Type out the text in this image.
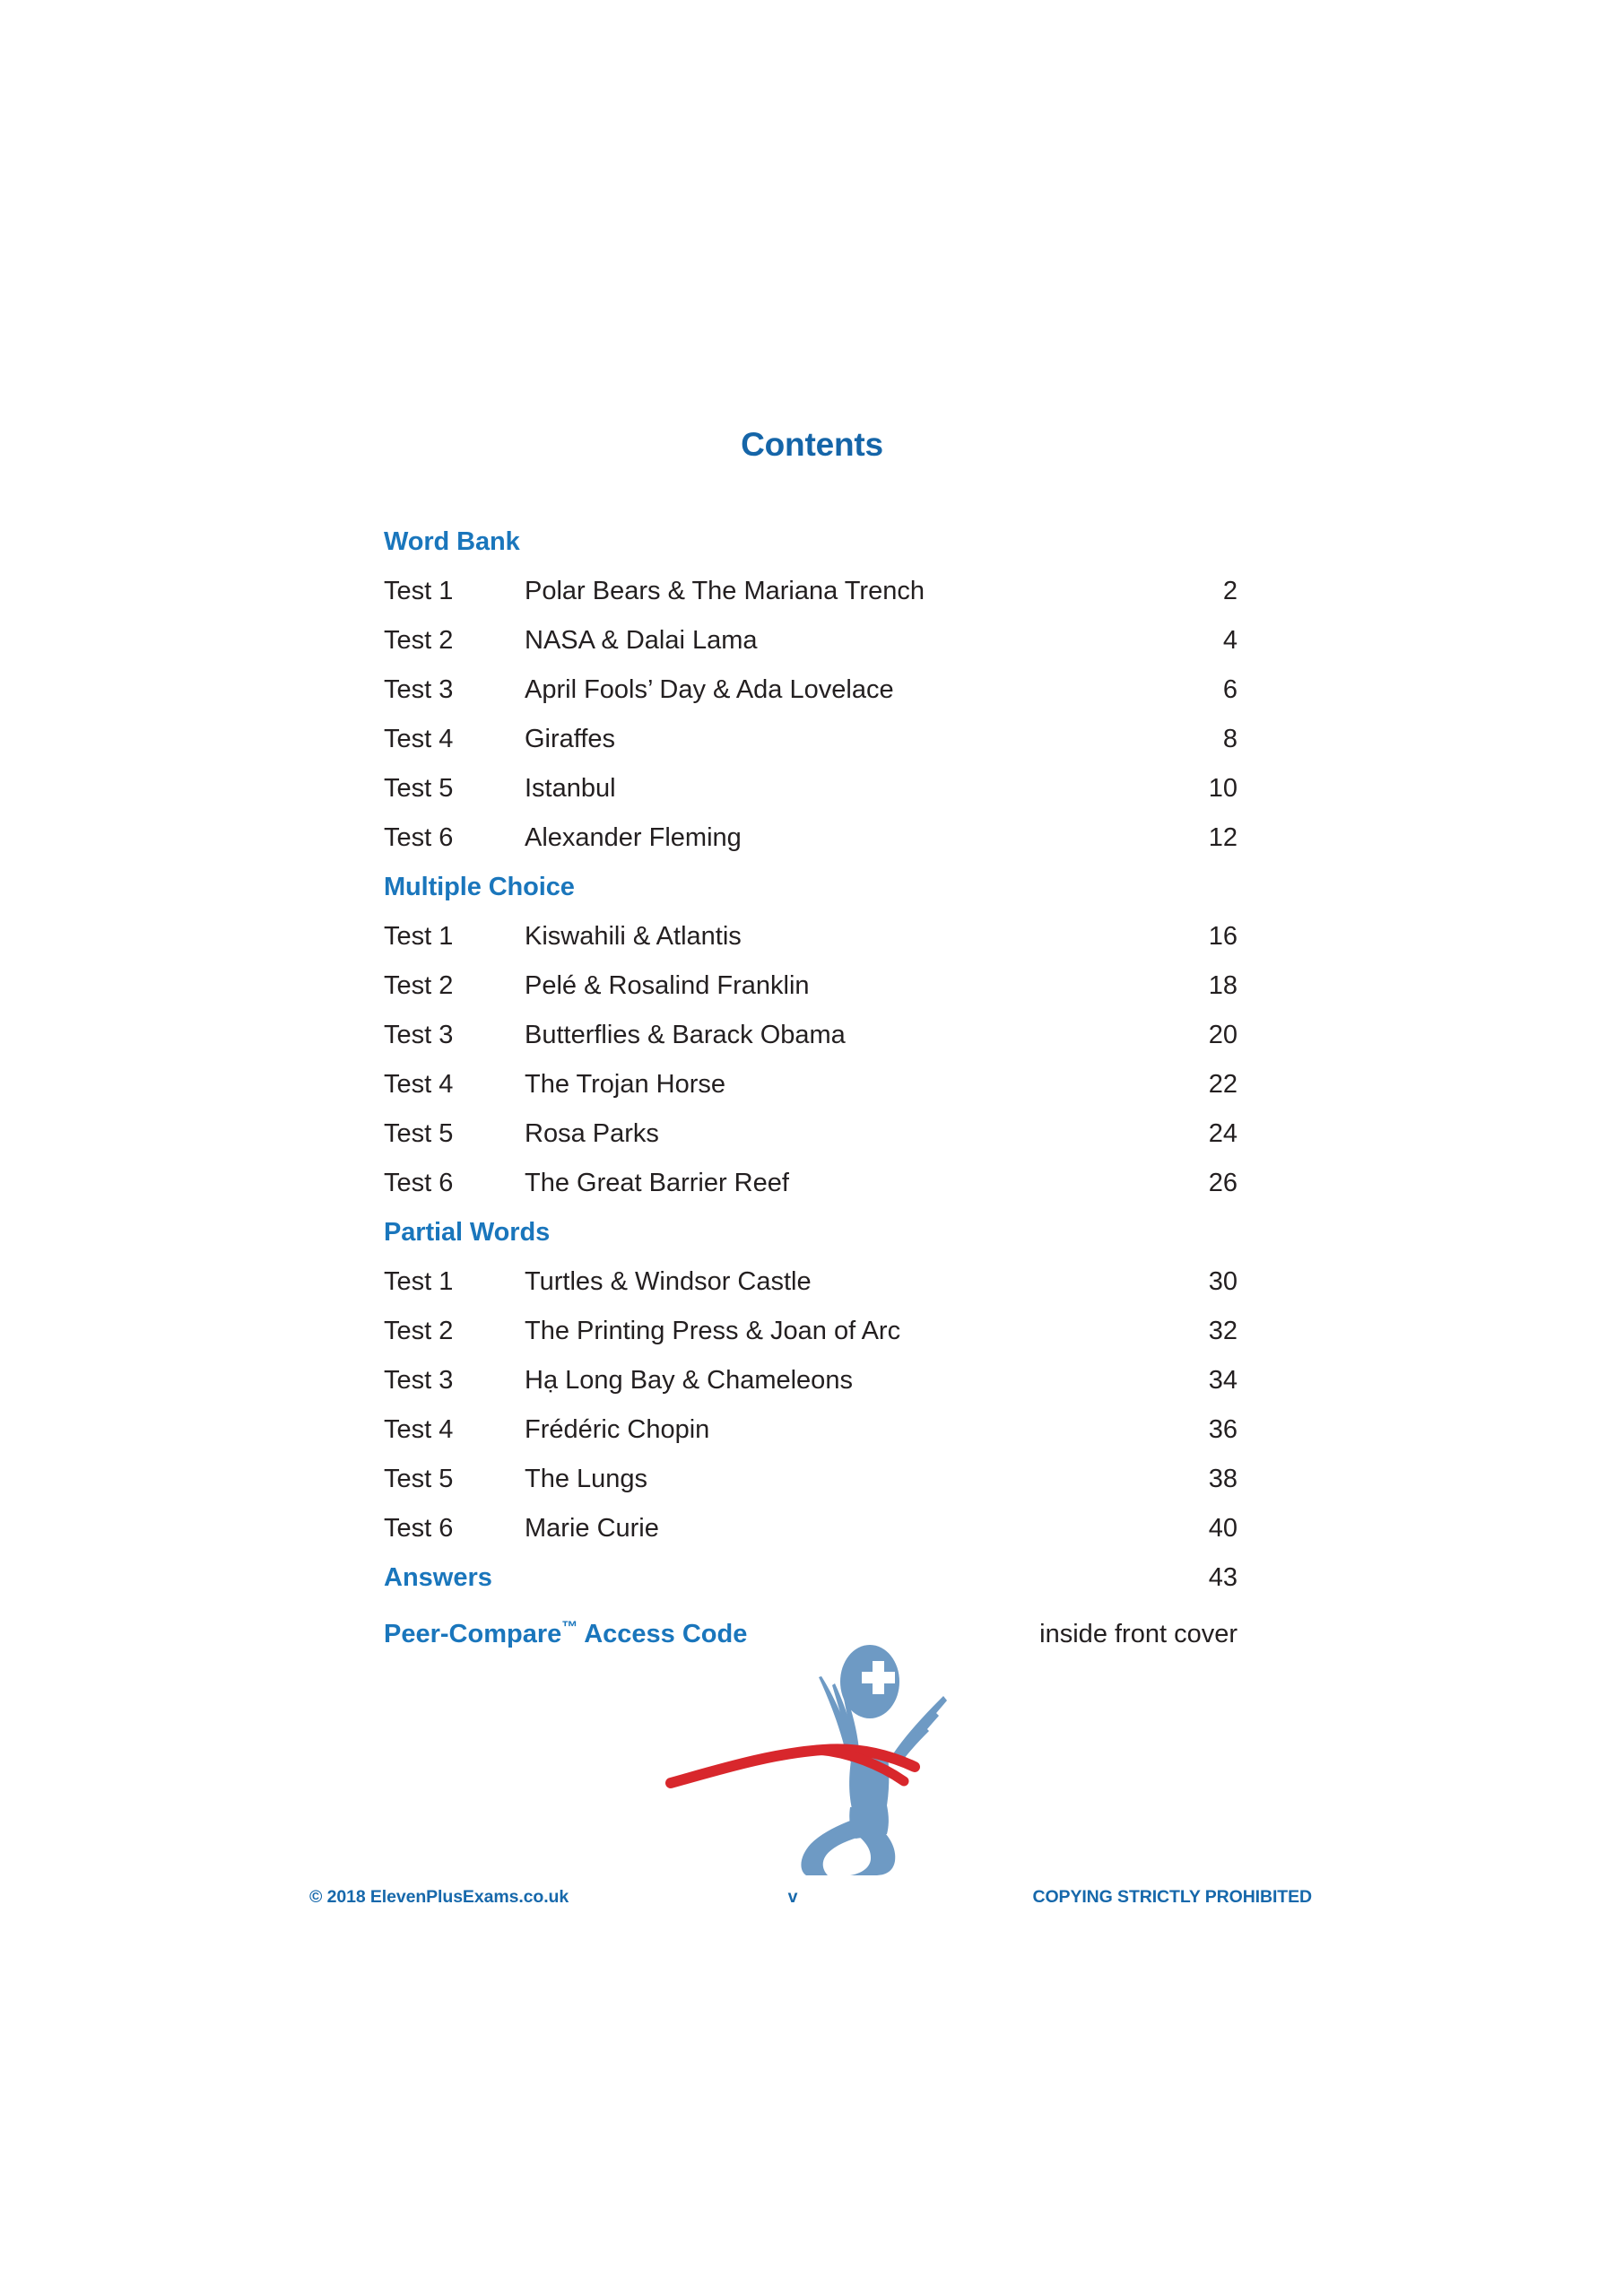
Contents
Word Bank
Test 1	Polar Bears & The Mariana Trench	2
Test 2	NASA & Dalai Lama	4
Test 3	April Fools’ Day & Ada Lovelace	6
Test 4	Giraffes	8
Test 5	Istanbul	10
Test 6	Alexander Fleming	12
Multiple Choice
Test 1	Kiswahili & Atlantis	16
Test 2	Pelé & Rosalind Franklin	18
Test 3	Butterflies & Barack Obama	20
Test 4	The Trojan Horse	22
Test 5	Rosa Parks	24
Test 6	The Great Barrier Reef	26
Partial Words
Test 1	Turtles & Windsor Castle	30
Test 2	The Printing Press & Joan of Arc	32
Test 3	Hạ Long Bay & Chameleons	34
Test 4	Frédéric Chopin	36
Test 5	The Lungs	38
Test 6	Marie Curie	40
Answers	43
Peer-Compare™ Access Code	inside front cover
© 2018 ElevenPlusExams.co.uk	v	COPYING STRICTLY PROHIBITED
